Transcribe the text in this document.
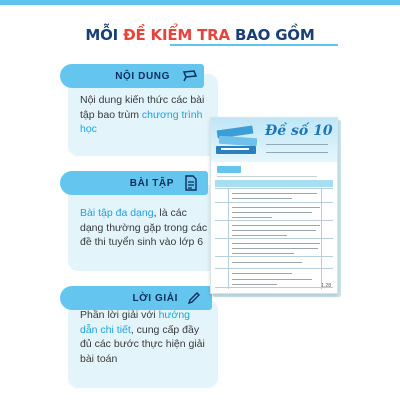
MỖI ĐỀ KIỂM TRA BAO GỒM
NỘI DUNG
Nội dung kiến thức các bài tập bao trùm chương trình học
BÀI TẬP
Bài tập đa dạng, là các dạng thường gặp trong các đề thi tuyển sinh vào lớp 6
LỜI GIẢI
Phần lời giải với hướng dẫn chi tiết, cung cấp đầy đủ các bước thực hiện giải bài toán
Đề số 10
1.28
